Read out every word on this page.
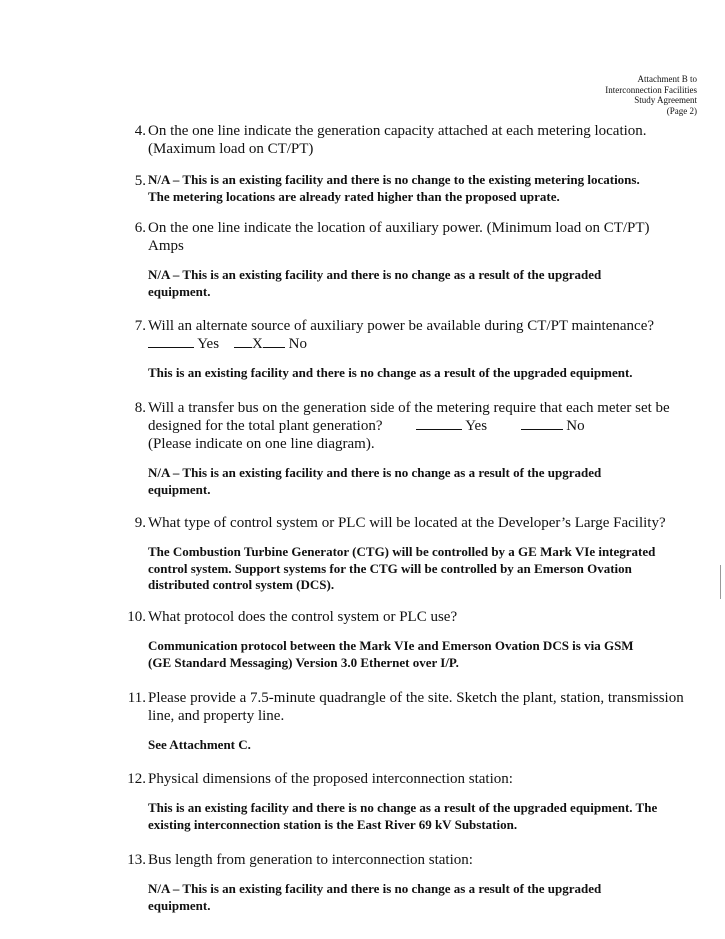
Attachment B to
Interconnection Facilities
Study Agreement
(Page 2)
4. On the one line indicate the generation capacity attached at each metering location.
(Maximum load on CT/PT)
5. N/A – This is an existing facility and there is no change to the existing metering locations.
The metering locations are already rated higher than the proposed uprate.
6. On the one line indicate the location of auxiliary power. (Minimum load on CT/PT)
Amps
N/A – This is an existing facility and there is no change as a result of the upgraded
equipment.
7. Will an alternate source of auxiliary power be available during CT/PT maintenance?
Yes X No
This is an existing facility and there is no change as a result of the upgraded equipment.
8. Will a transfer bus on the generation side of the metering require that each meter set be
designed for the total plant generation?	Yes	No
(Please indicate on one line diagram).
N/A – This is an existing facility and there is no change as a result of the upgraded
equipment.
9. What type of control system or PLC will be located at the Developer’s Large Facility?
The Combustion Turbine Generator (CTG) will be controlled by a GE Mark VIe integrated
control system. Support systems for the CTG will be controlled by an Emerson Ovation
distributed control system (DCS).
10. What protocol does the control system or PLC use?
Communication protocol between the Mark VIe and Emerson Ovation DCS is via GSM
(GE Standard Messaging) Version 3.0 Ethernet over I/P.
11. Please provide a 7.5-minute quadrangle of the site. Sketch the plant, station, transmission
line, and property line.
See Attachment C.
12. Physical dimensions of the proposed interconnection station:
This is an existing facility and there is no change as a result of the upgraded equipment. The
existing interconnection station is the East River 69 kV Substation.
13. Bus length from generation to interconnection station:
N/A – This is an existing facility and there is no change as a result of the upgraded
equipment.
